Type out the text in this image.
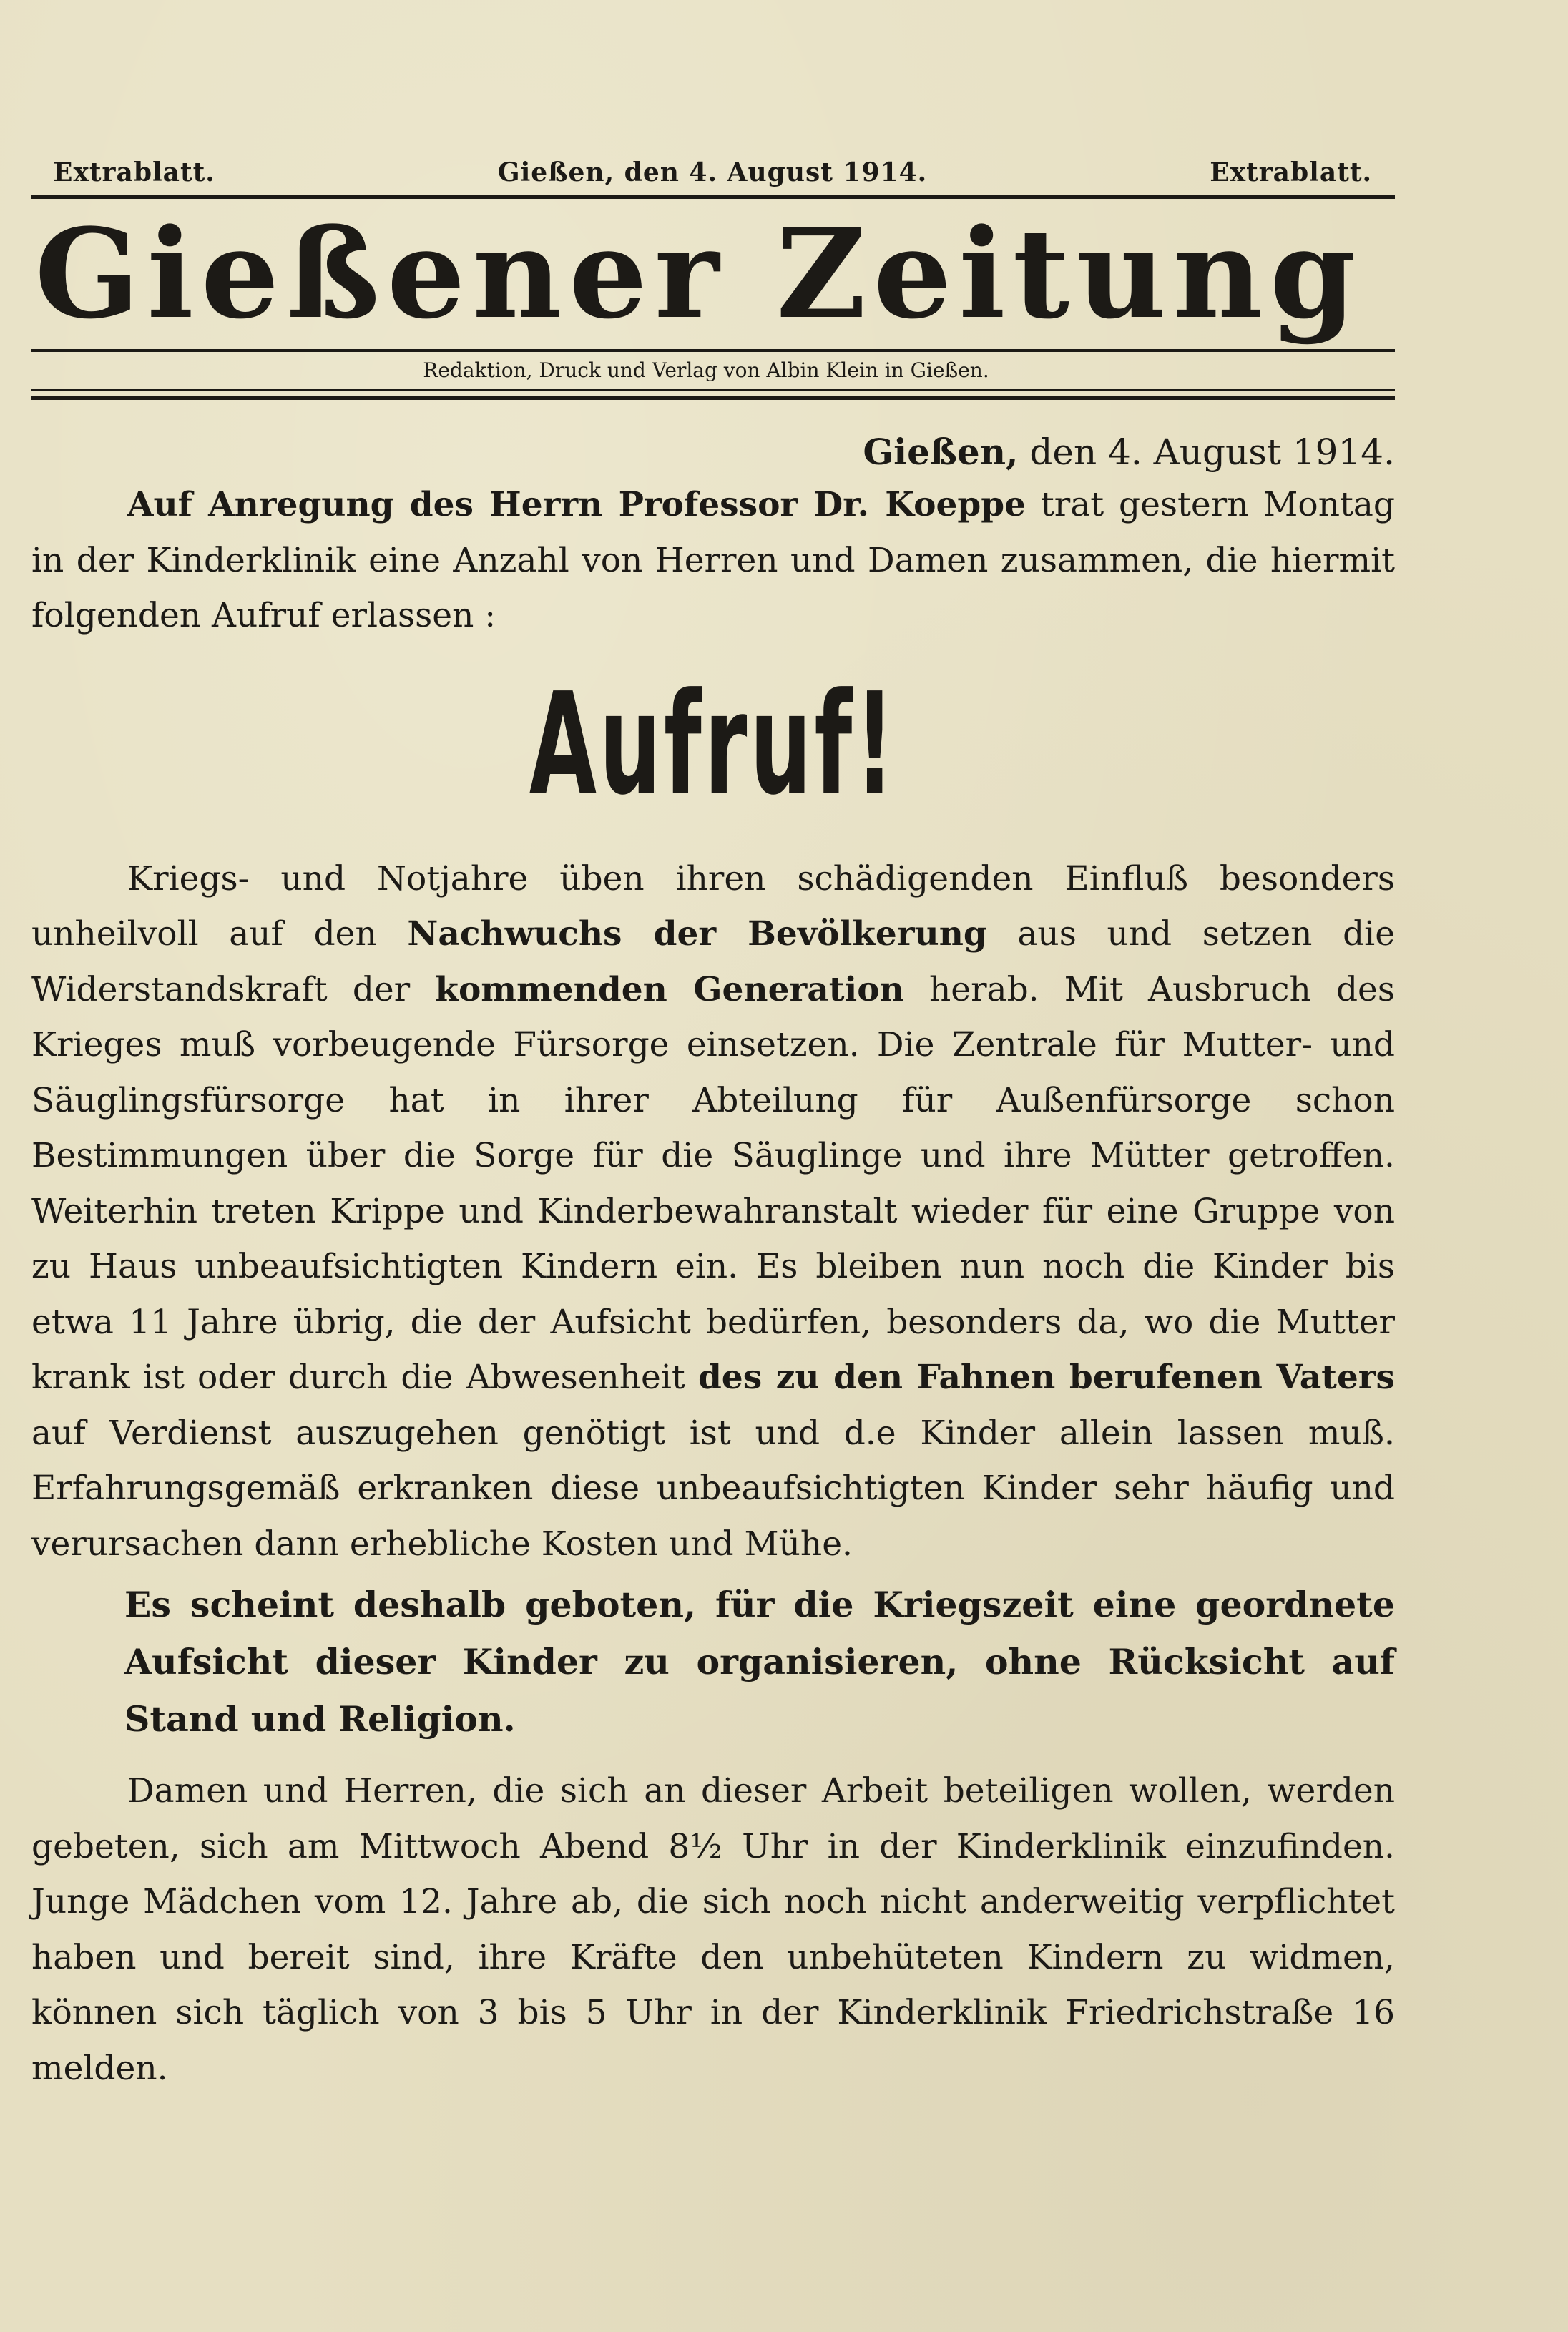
Extrablatt.	Gießen, den 4. August 1914.	Extrablatt.
Gießener Zeitung
Redaktion, Druck und Verlag von Albin Klein in Gießen.
Gießen, den 4. August 1914.

Auf Anregung des Herrn Professor Dr. Koeppe trat gestern Montag in der Kinderklinik eine Anzahl von Herren und Damen zusammen, die hiermit folgenden Aufruf erlassen :

Aufruf!

Kriegs- und Notjahre üben ihren schädigenden Einfluß besonders unheilvoll auf den Nachwuchs der Bevölkerung aus und setzen die Widerstandskraft der kommenden Generation herab. Mit Ausbruch des Krieges muß vorbeugende Fürsorge einsetzen. Die Zentrale für Mutter- und Säuglingsfürsorge hat in ihrer Abteilung für Außenfürsorge schon Bestimmungen über die Sorge für die Säuglinge und ihre Mütter getroffen. Weiterhin treten Krippe und Kinderbewahranstalt wieder für eine Gruppe von zu Haus unbeaufsichtigten Kindern ein. Es bleiben nun noch die Kinder bis etwa 11 Jahre übrig, die der Aufsicht bedürfen, besonders da, wo die Mutter krank ist oder durch die Abwesenheit des zu den Fahnen berufenen Vaters auf Verdienst auszugehen genötigt ist und d.e Kinder allein lassen muß. Erfahrungsgemäß erkranken diese unbeaufsichtigten Kinder sehr häufig und verursachen dann erhebliche Kosten und Mühe.

Es scheint deshalb geboten, für die Kriegszeit eine geordnete Aufsicht dieser Kinder zu organisieren, ohne Rücksicht auf Stand und Religion.

Damen und Herren, die sich an dieser Arbeit beteiligen wollen, werden gebeten, sich am Mittwoch Abend 8½ Uhr in der Kinderklinik einzufinden. Junge Mädchen vom 12. Jahre ab, die sich noch nicht anderweitig verpflichtet haben und bereit sind, ihre Kräfte den unbehüteten Kindern zu widmen, können sich täglich von 3 bis 5 Uhr in der Kinderklinik Friedrichstraße 16 melden.
